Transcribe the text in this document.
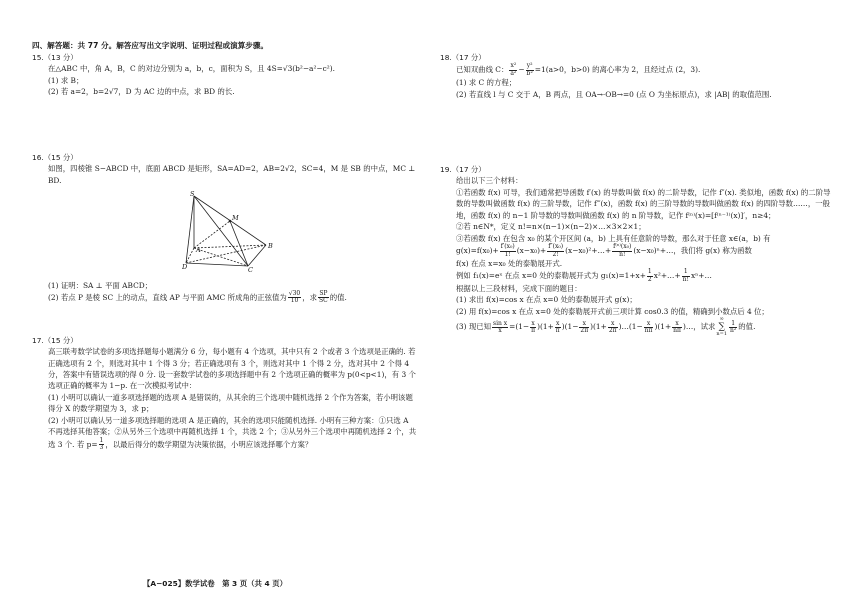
四、解答题：共 77 分。解答应写出文字说明、证明过程或演算步骤。
15.（13 分）
在△ABC 中，角 A，B，C 的对边分别为 a，b，c，面积为 S，且 4S=√3(b²−a²−c²).
(1) 求 B；
(2) 若 a=2，b=2√7，D 为 AC 边的中点，求 BD 的长.
16.（15 分）
如图，四棱锥 S−ABCD 中，底面 ABCD 是矩形，SA=AD=2，AB=2√2，SC=4，M 是 SB 的中点，MC ⊥ BD.
S
A	B
C
D
M
(1) 证明：SA ⊥ 平面 ABCD；
(2) 若点 P 是棱 SC 上的动点，直线 AP 与平面 AMC 所成角的正弦值为 $\frac{√30}{10}$ ，求 $\frac{SP}{SC}$ 的值.
17.（15 分）
高三联考数学试卷的多项选择题每小题满分 6 分，每小题有 4 个选项，其中只有 2 个或者 3 个选项是正确的. 若正确选项有 2 个，则选对其中 1 个得 3 分；若正确选项有 3 个，则选对其中 1 个得 2 分，选对其中 2 个得 4 分，答案中有错误选项的得 0 分. 设一套数学试卷的多项选择题中有 2 个选项正确的概率为 p(0<p<1)，有 3 个选项正确的概率为 1−p. 在一次模拟考试中：
(1) 小明可以确认一道多项选择题的选项 A 是错误的，从其余的三个选项中随机选择 2 个作为答案，若小明该题得分 X 的数学期望为 3，求 p；
(2) 小明可以确认另一道多项选择题的选项 A 是正确的，其余的选项只能随机选择. 小明有三种方案：①只选 A 不再选择其他答案；②从另外三个选项中再随机选择 1 个，共选 2 个；③从另外三个选项中再随机选择 2 个，共选 3 个. 若 $p= \frac{1}{3}$ ，以最后得分的数学期望为决策依据，小明应该选择哪个方案？
18.（17 分）
已知双曲线 C： $\frac{\text{x²}}{\text{a²}} - \frac{\text{y²}}{\text{b²}} =1(a>0$，b>0) 的离心率为 2，且经过点 (2，3).
(1) 求 C 的方程；
(2) 若直线 l 与 C 交于 A，B 两点，且 OA→·OB→=0 (点 O 为坐标原点)，求 |AB| 的取值范围.
19.（17 分）
给出以下三个材料：
①若函数 f(x) 可导，我们通常把导函数 f′(x) 的导数叫做 f(x) 的二阶导数，记作 f″(x). 类似地，函数 f(x) 的二阶导数的导数叫做函数 f(x) 的三阶导数，记作 f‴(x)，函数 f(x) 的三阶导数的导数叫做函数 f(x) 的四阶导数……，一般地，函数 f(x) 的 n−1 阶导数的导数叫做函数 f(x) 的 n 阶导数，记作 f⁽ⁿ⁾(x)=[f⁽ⁿ⁻¹⁾(x)]′，n≥4；
②若 n∈N*，定义 n!=n×(n−1)×(n−2)×…×3×2×1；
③若函数 f(x) 在包含 x₀ 的某个开区间 (a，b) 上具有任意阶的导数，那么对于任意 x∈(a，b) 有
$g(x)=f(x_0)+ \frac{\text{f′(x₀)}}{1!} (x-x_0)+ \frac{\text{f″(x₀)}}{2!}$ (x−x₀)²+…+ $\frac{\text{f⁽ⁿ⁾(x₀)}}{n!}$ (x−x₀)ⁿ+…，我们将 g(x) 称为函数
f(x) 在点 x=x₀ 处的泰勒展开式.
例如 f₁(x)=eˣ 在点 x=0 处的泰勒展开式为 $g_1(x)=1+x+ \frac{1}{2}$ x²+…+ $\frac{1}{n!}$ xⁿ+…
根据以上三段材料，完成下面的题目：
(1) 求出 f(x)=cos x 在点 x=0 处的泰勒展开式 g(x)；
(2) 用 f(x)=cos x 在点 x=0 处的泰勒展开式前三项计算 cos0.3 的值，精确到小数点后 4 位；
(3) 现已知 $\frac{\text{sin x}}{x} =(1- \frac{x}{\pi} )(1+ \frac{x}{\pi} )(1- \frac{x}{2\pi} )(1+ \frac{x}{2\pi}$ )…(1− $\frac{x}{n\pi} )(1+ \frac{x}{n\pi}$ )…，试求
∞
∑
$n=1 \frac{1}{\text{n²}}$ 的值.
【A−025】数学试卷　第 3 页（共 4 页）
